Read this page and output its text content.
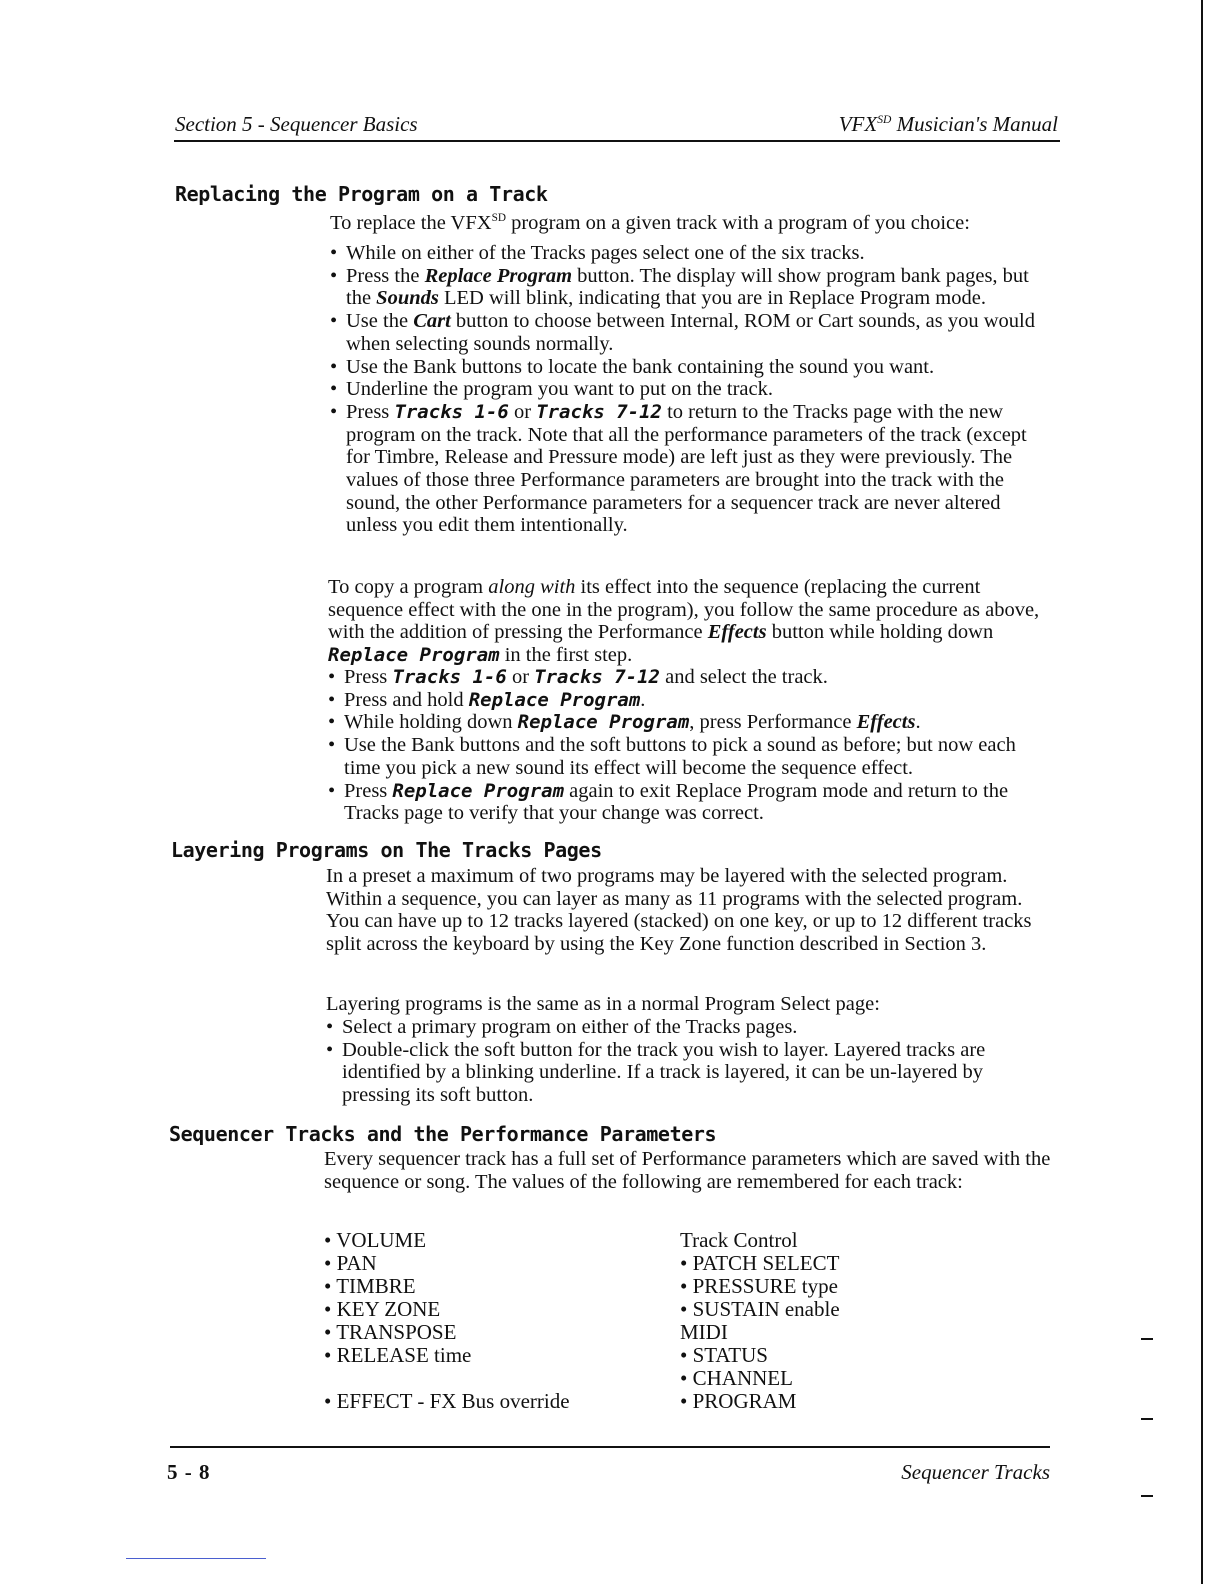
Section 5 - Sequencer Basics	$VFX^{SD}$ Musician's Manual
Replacing the Program on a Track
To replace the $VFX^{SD}$ program on a given track with a program of you choice:
• While on either of the Tracks pages select one of the six tracks.
• Press the Replace Program button. The display will show program bank pages, but the Sounds LED will blink, indicating that you are in Replace Program mode.
• Use the Cart button to choose between Internal, ROM or Cart sounds, as you would when selecting sounds normally.
• Use the Bank buttons to locate the bank containing the sound you want.
• Underline the program you want to put on the track.
• Press Tracks 1-6 or Tracks 7-12 to return to the Tracks page with the new program on the track. Note that all the performance parameters of the track (except for Timbre, Release and Pressure mode) are left just as they were previously. The values of those three Performance parameters are brought into the track with the sound, the other Performance parameters for a sequencer track are never altered unless you edit them intentionally.
To copy a program along with its effect into the sequence (replacing the current sequence effect with the one in the program), you follow the same procedure as above, with the addition of pressing the Performance Effects button while holding down Replace Program in the first step.
• Press Tracks 1-6 or Tracks 7-12 and select the track.
• Press and hold Replace Program.
• While holding down Replace Program, press Performance Effects.
• Use the Bank buttons and the soft buttons to pick a sound as before; but now each time you pick a new sound its effect will become the sequence effect.
• Press Replace Program again to exit Replace Program mode and return to the Tracks page to verify that your change was correct.
Layering Programs on The Tracks Pages
In a preset a maximum of two programs may be layered with the selected program. Within a sequence, you can layer as many as 11 programs with the selected program. You can have up to 12 tracks layered (stacked) on one key, or up to 12 different tracks split across the keyboard by using the Key Zone function described in Section 3.
Layering programs is the same as in a normal Program Select page:
• Select a primary program on either of the Tracks pages.
• Double-click the soft button for the track you wish to layer. Layered tracks are identified by a blinking underline. If a track is layered, it can be un-layered by pressing its soft button.
Sequencer Tracks and the Performance Parameters
Every sequencer track has a full set of Performance parameters which are saved with the sequence or song. The values of the following are remembered for each track:
• VOLUME
• PAN
• TIMBRE
• KEY ZONE
• TRANSPOSE
• RELEASE time
• EFFECT - FX Bus override
Track Control
• PATCH SELECT
• PRESSURE type
• SUSTAIN enable
MIDI
• STATUS
• CHANNEL
• PROGRAM
5 - 8	Sequencer Tracks
